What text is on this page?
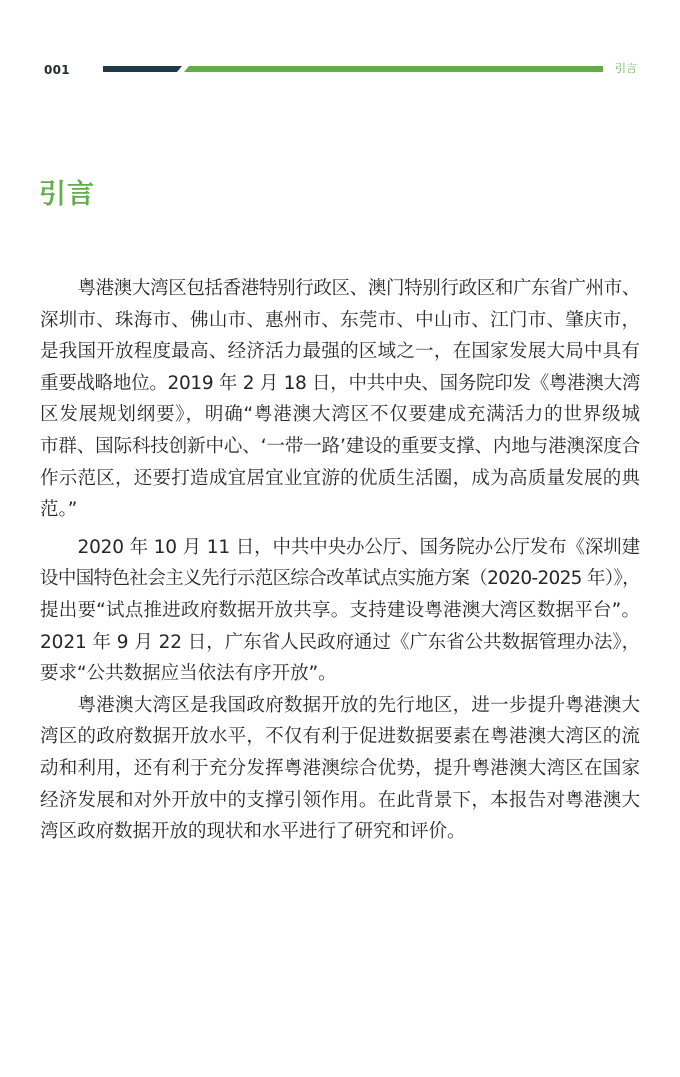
001	引言
引言
粤港澳大湾区包括香港特别行政区、澳门特别行政区和广东省广州市、
深圳市、珠海市、佛山市、惠州市、东莞市、中山市、江门市、肇庆市，
是我国开放程度最高、经济活力最强的区域之一，在国家发展大局中具有
重要战略地位。2019 年 2 月 18 日，中共中央、国务院印发《粤港澳大湾
区发展规划纲要》，明确“粤港澳大湾区不仅要建成充满活力的世界级城
市群、国际科技创新中心、‘一带一路’建设的重要支撑、内地与港澳深度合
作示范区，还要打造成宜居宜业宜游的优质生活圈，成为高质量发展的典
范。”
2020 年 10 月 11 日，中共中央办公厅、国务院办公厅发布《深圳建
设中国特色社会主义先行示范区综合改革试点实施方案（2020-2025 年）》，
提出要“试点推进政府数据开放共享。支持建设粤港澳大湾区数据平台”。
2021 年 9 月 22 日，广东省人民政府通过《广东省公共数据管理办法》，
要求“公共数据应当依法有序开放”。
粤港澳大湾区是我国政府数据开放的先行地区，进一步提升粤港澳大
湾区的政府数据开放水平，不仅有利于促进数据要素在粤港澳大湾区的流
动和利用，还有利于充分发挥粤港澳综合优势，提升粤港澳大湾区在国家
经济发展和对外开放中的支撑引领作用。在此背景下，本报告对粤港澳大
湾区政府数据开放的现状和水平进行了研究和评价。
